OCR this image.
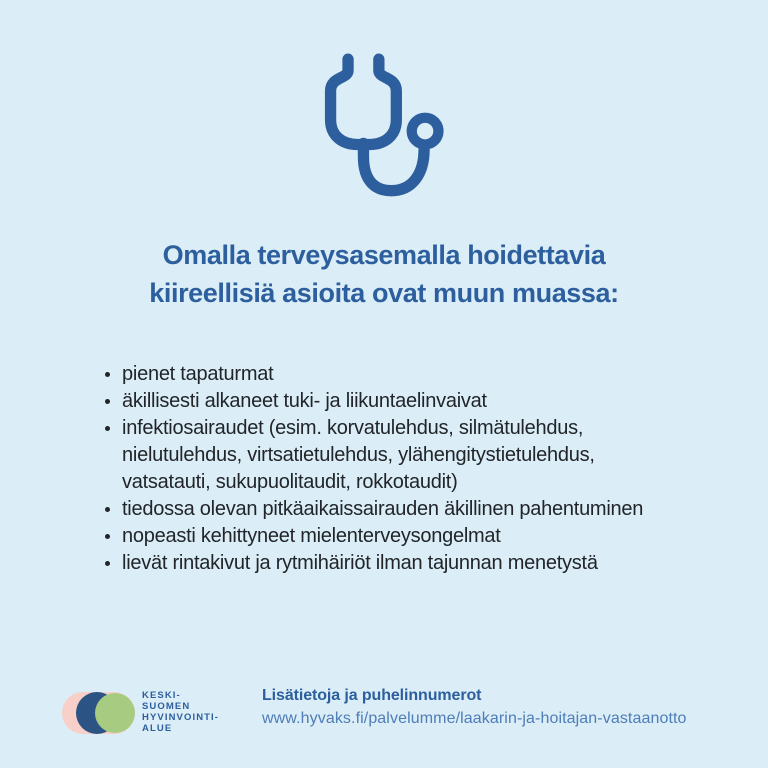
Omalla terveysasemalla hoidettavia
kiireellisiä asioita ovat muun muassa:
• pienet tapaturmat
• äkillisesti alkaneet tuki- ja liikuntaelinvaivat
• infektiosairaudet (esim. korvatulehdus, silmätulehdus,
nielutulehdus, virtsatietulehdus, ylähengitystietulehdus,
vatsatauti, sukupuolitaudit, rokkotaudit)
• tiedossa olevan pitkäaikaissairauden äkillinen pahentuminen
• nopeasti kehittyneet mielenterveysongelmat
• lievät rintakivut ja rytmihäiriöt ilman tajunnan menetystä
KESKI-
SUOMEN
HYVINVOINTI-
ALUE
Lisätietoja ja puhelinnumerot
www.hyvaks.fi/palvelumme/laakarin-ja-hoitajan-vastaanotto
